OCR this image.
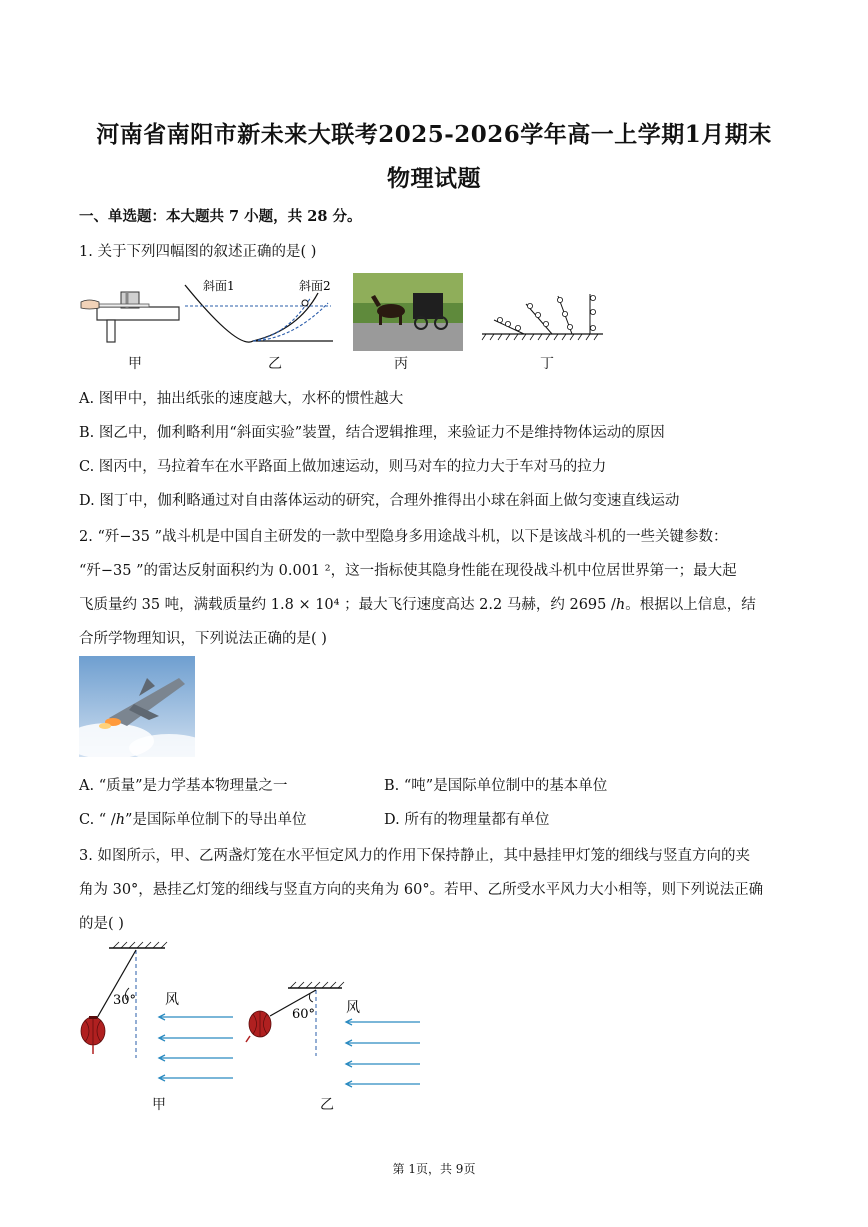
河南省南阳市新未来大联考2025-2026学年高一上学期1月期末
物理试题
一、单选题：本大题共 7 小题，共 28 分。
1. 关于下列四幅图的叙述正确的是( )
甲
斜面1	斜面2
乙	丙	丁
A. 图甲中，抽出纸张的速度越大，水杯的惯性越大
B. 图乙中，伽利略利用“斜面实验”装置，结合逻辑推理，来验证力不是维持物体运动的原因
C. 图丙中，马拉着车在水平路面上做加速运动，则马对车的拉力大于车对马的拉力
D. 图丁中，伽利略通过对自由落体运动的研究，合理外推得出小球在斜面上做匀变速直线运动
2. “歼−35 ”战斗机是中国自主研发的一款中型隐身多用途战斗机，以下是该战斗机的一些关键参数：
“歼−35 ”的雷达反射面积约为 0.001 ²，这一指标使其隐身性能在现役战斗机中位居世界第一；最大起
飞质量约 35 吨，满载质量约 1.8 × 10⁴ ；最大飞行速度高达 2.2 马赫，约 2695 /ℎ。根据以上信息，结
合所学物理知识，下列说法正确的是( )
A. “质量”是力学基本物理量之一	B. “吨”是国际单位制中的基本单位
C. “ /ℎ”是国际单位制下的导出单位	D. 所有的物理量都有单位
3. 如图所示，甲、乙两盏灯笼在水平恒定风力的作用下保持静止，其中悬挂甲灯笼的细线与竖直方向的夹
角为 30°，悬挂乙灯笼的细线与竖直方向的夹角为 60°。若甲、乙所受水平风力大小相等，则下列说法正确
的是( )
30° 风
甲
60° 风
乙
第 1页，共 9页
